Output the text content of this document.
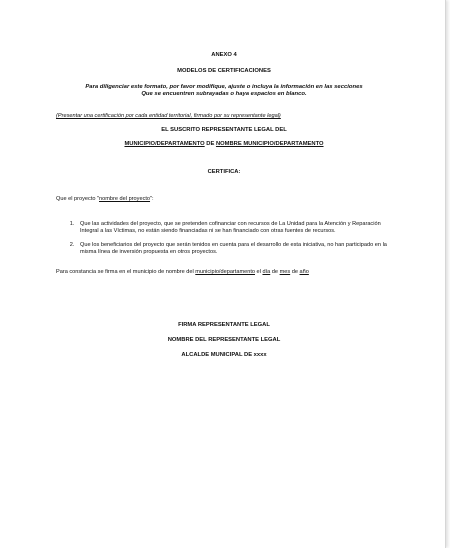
ANEXO 4

MODELOS DE CERTIFICACIONES

Para diligenciar este formato, por favor modifique, ajuste o incluya la información en las secciones

Que se encuentren subrayadas o haya espacios en blanco.

(Presentar una certificación por cada entidad territorial, firmado por su representante legal)

EL SUSCRITO REPRESENTANTE LEGAL DEL

MUNICIPIO/DEPARTAMENTO DE NOMBRE MUNICIPIO/DEPARTAMENTO

CERTIFICA:

Que el proyecto "nombre del proyecto":

1. Que las actividades del proyecto, que se pretenden cofinanciar con recursos de La Unidad para la Atención y Reparación Integral a las Víctimas, no están siendo financiadas ni se han financiado con otras fuentes de recursos.
2. Que los beneficiarios del proyecto que serán tenidos en cuenta para el desarrollo de esta iniciativa, no han participado en la misma línea de inversión propuesta en otros proyectos.

Para constancia se firma en el municipio de nombre del municipio/departamento el día de mes de año

FIRMA REPRESENTANTE LEGAL

NOMBRE DEL REPRESENTANTE LEGAL

ALCALDE MUNICIPAL DE xxxx
